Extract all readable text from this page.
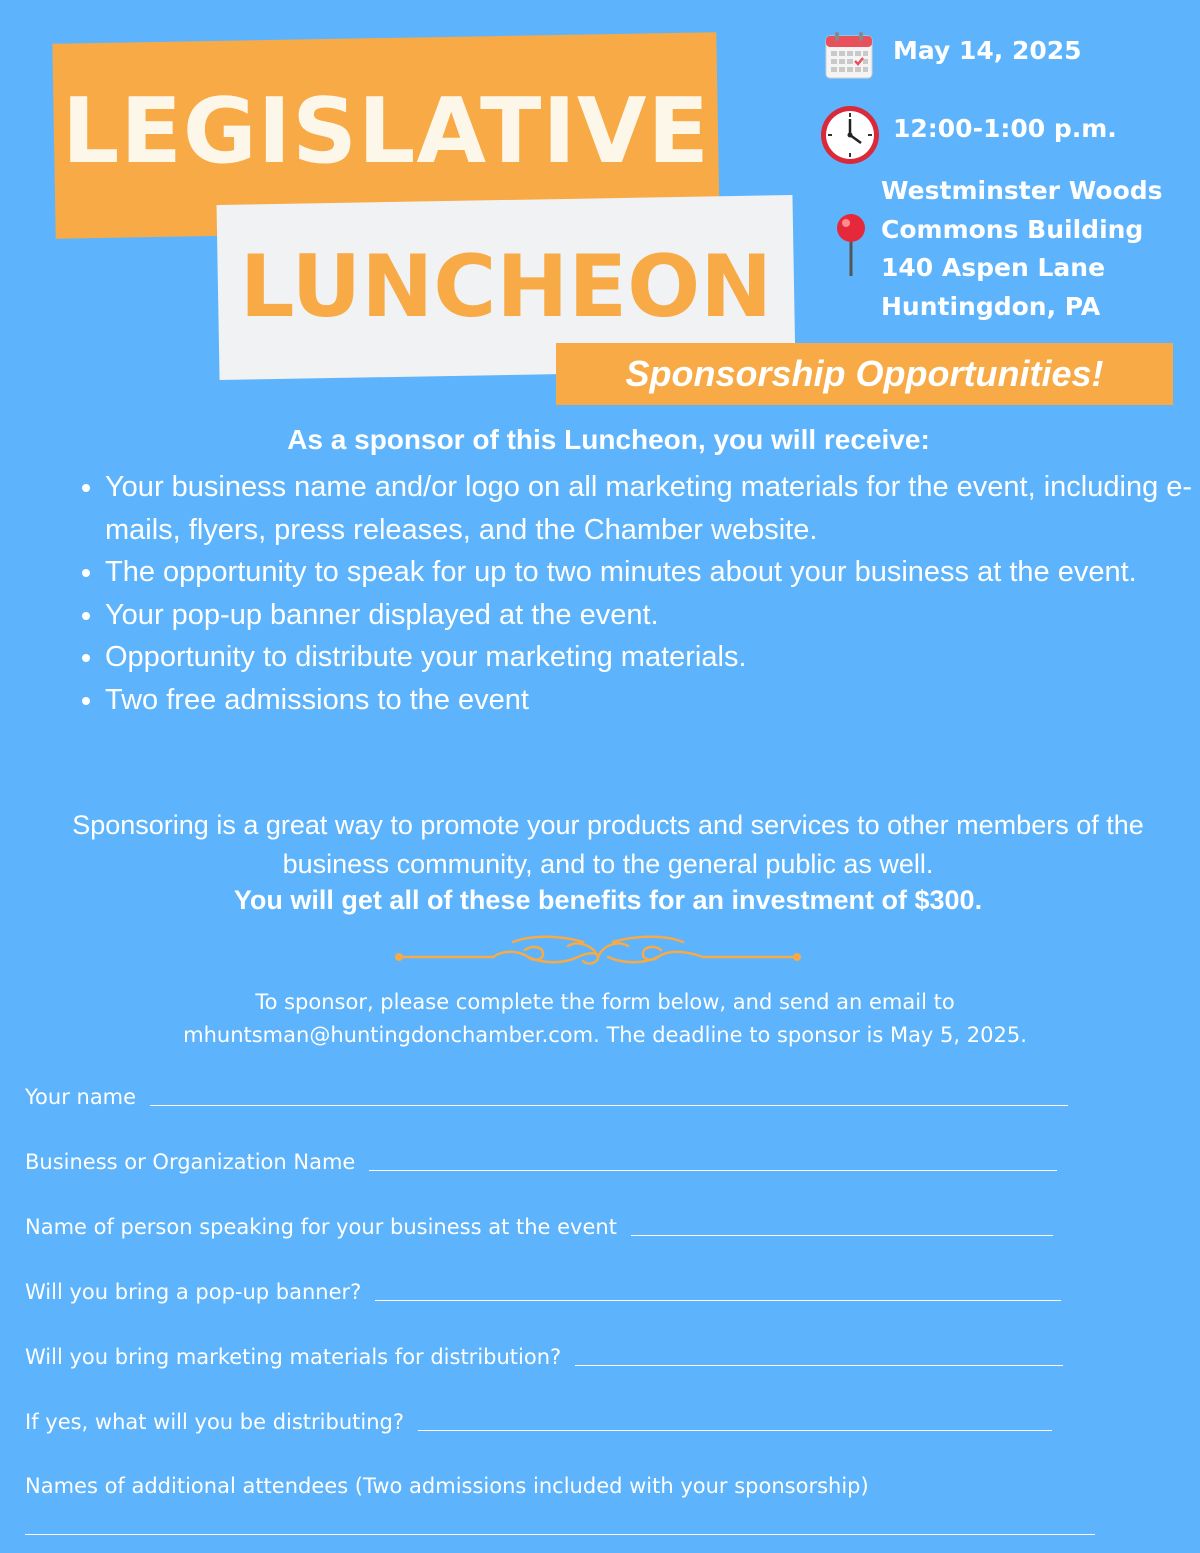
LEGISLATIVE
LUNCHEON
Sponsorship Opportunities!
May 14, 2025
12:00-1:00 p.m.
Westminster Woods
Commons Building
140 Aspen Lane
Huntingdon, PA
As a sponsor of this Luncheon, you will receive:
• Your business name and/or logo on all marketing materials for the event, including e-mails, flyers, press releases, and the Chamber website.
• The opportunity to speak for up to two minutes about your business at the event.
• Your pop-up banner displayed at the event.
• Opportunity to distribute your marketing materials.
• Two free admissions to the event
Sponsoring is a great way to promote your products and services to other members of the business community, and to the general public as well.
You will get all of these benefits for an investment of $300.
To sponsor, please complete the form below, and send an email to mhuntsman@huntingdonchamber.com. The deadline to sponsor is May 5, 2025.
Your name
Business or Organization Name
Name of person speaking for your business at the event
Will you bring a pop-up banner?
Will you bring marketing materials for distribution?
If yes, what will you be distributing?
Names of additional attendees (Two admissions included with your sponsorship)
